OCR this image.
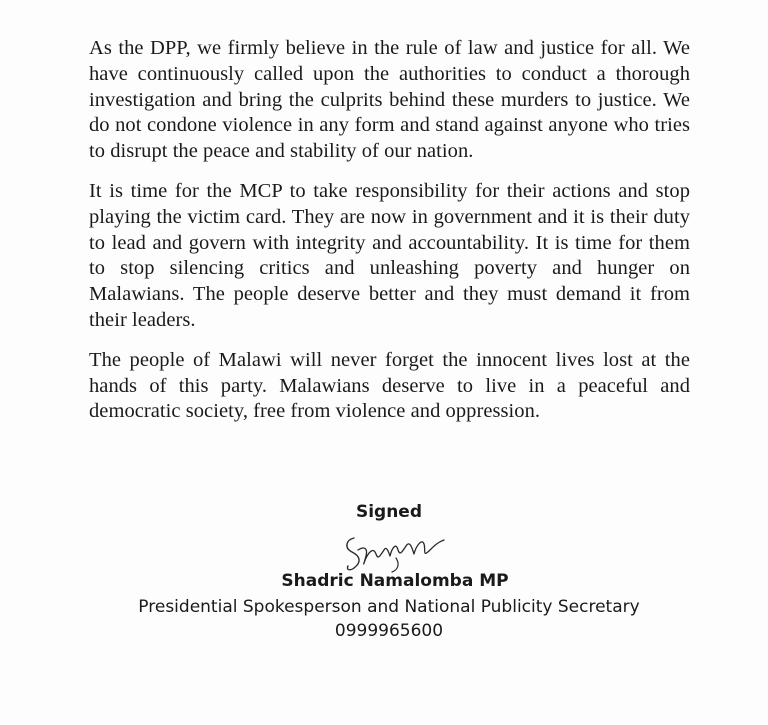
As the DPP, we firmly believe in the rule of law and justice for all. We have continuously called upon the authorities to conduct a thorough investigation and bring the culprits behind these murders to justice. We do not condone violence in any form and stand against anyone who tries to disrupt the peace and stability of our nation.

It is time for the MCP to take responsibility for their actions and stop playing the victim card. They are now in government and it is their duty to lead and govern with integrity and accountability. It is time for them to stop silencing critics and unleashing poverty and hunger on Malawians. The people deserve better and they must demand it from their leaders.

The people of Malawi will never forget the innocent lives lost at the hands of this party. Malawians deserve to live in a peaceful and democratic society, free from violence and oppression.

Signed

Shadric Namalomba MP

Presidential Spokesperson and National Publicity Secretary

0999965600
